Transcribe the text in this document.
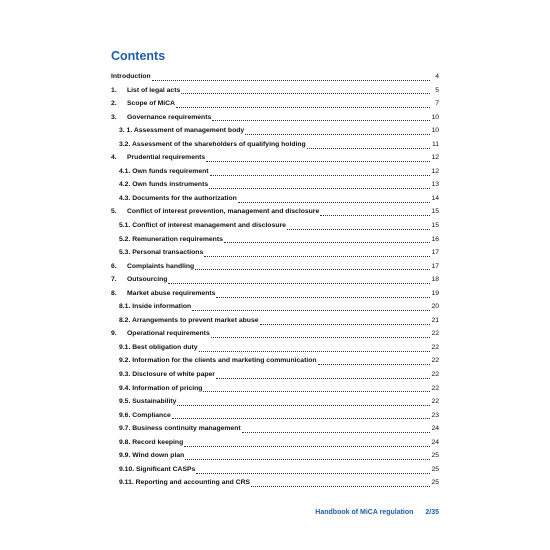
Contents
Introduction	4
1.	List of legal acts	5
2.	Scope of MiCA	7
3.	Governance requirements	10
3. 1. Assessment of management body	10
3.2. Assessment of the shareholders of qualifying holding	11
4.	Prudential requirements	12
4.1. Own funds requirement	12
4.2. Own funds instruments	13
4.3. Documents for the authorization	14
5.	Conflict of interest prevention, management and disclosure	15
5.1. Conflict of interest management and disclosure	15
5.2. Remuneration requirements	16
5.3. Personal transactions	17
6.	Complaints handling	17
7.	Outsourcing	18
8.	Market abuse requirements	19
8.1. Inside information	20
8.2. Arrangements to prevent market abuse	21
9.	Operational requirements	22
9.1. Best obligation duty	22
9.2. Information for the clients and marketing communication	22
9.3. Disclosure of white paper	22
9.4. Information of pricing	22
9.5. Sustainability	22
9.6. Compliance	23
9.7. Business continuity management	24
9.8. Record keeping	24
9.9. Wind down plan	25
9.10. Significant CASPs	25
9.11. Reporting and accounting and CRS	25
Handbook of MiCA regulation 2/35
